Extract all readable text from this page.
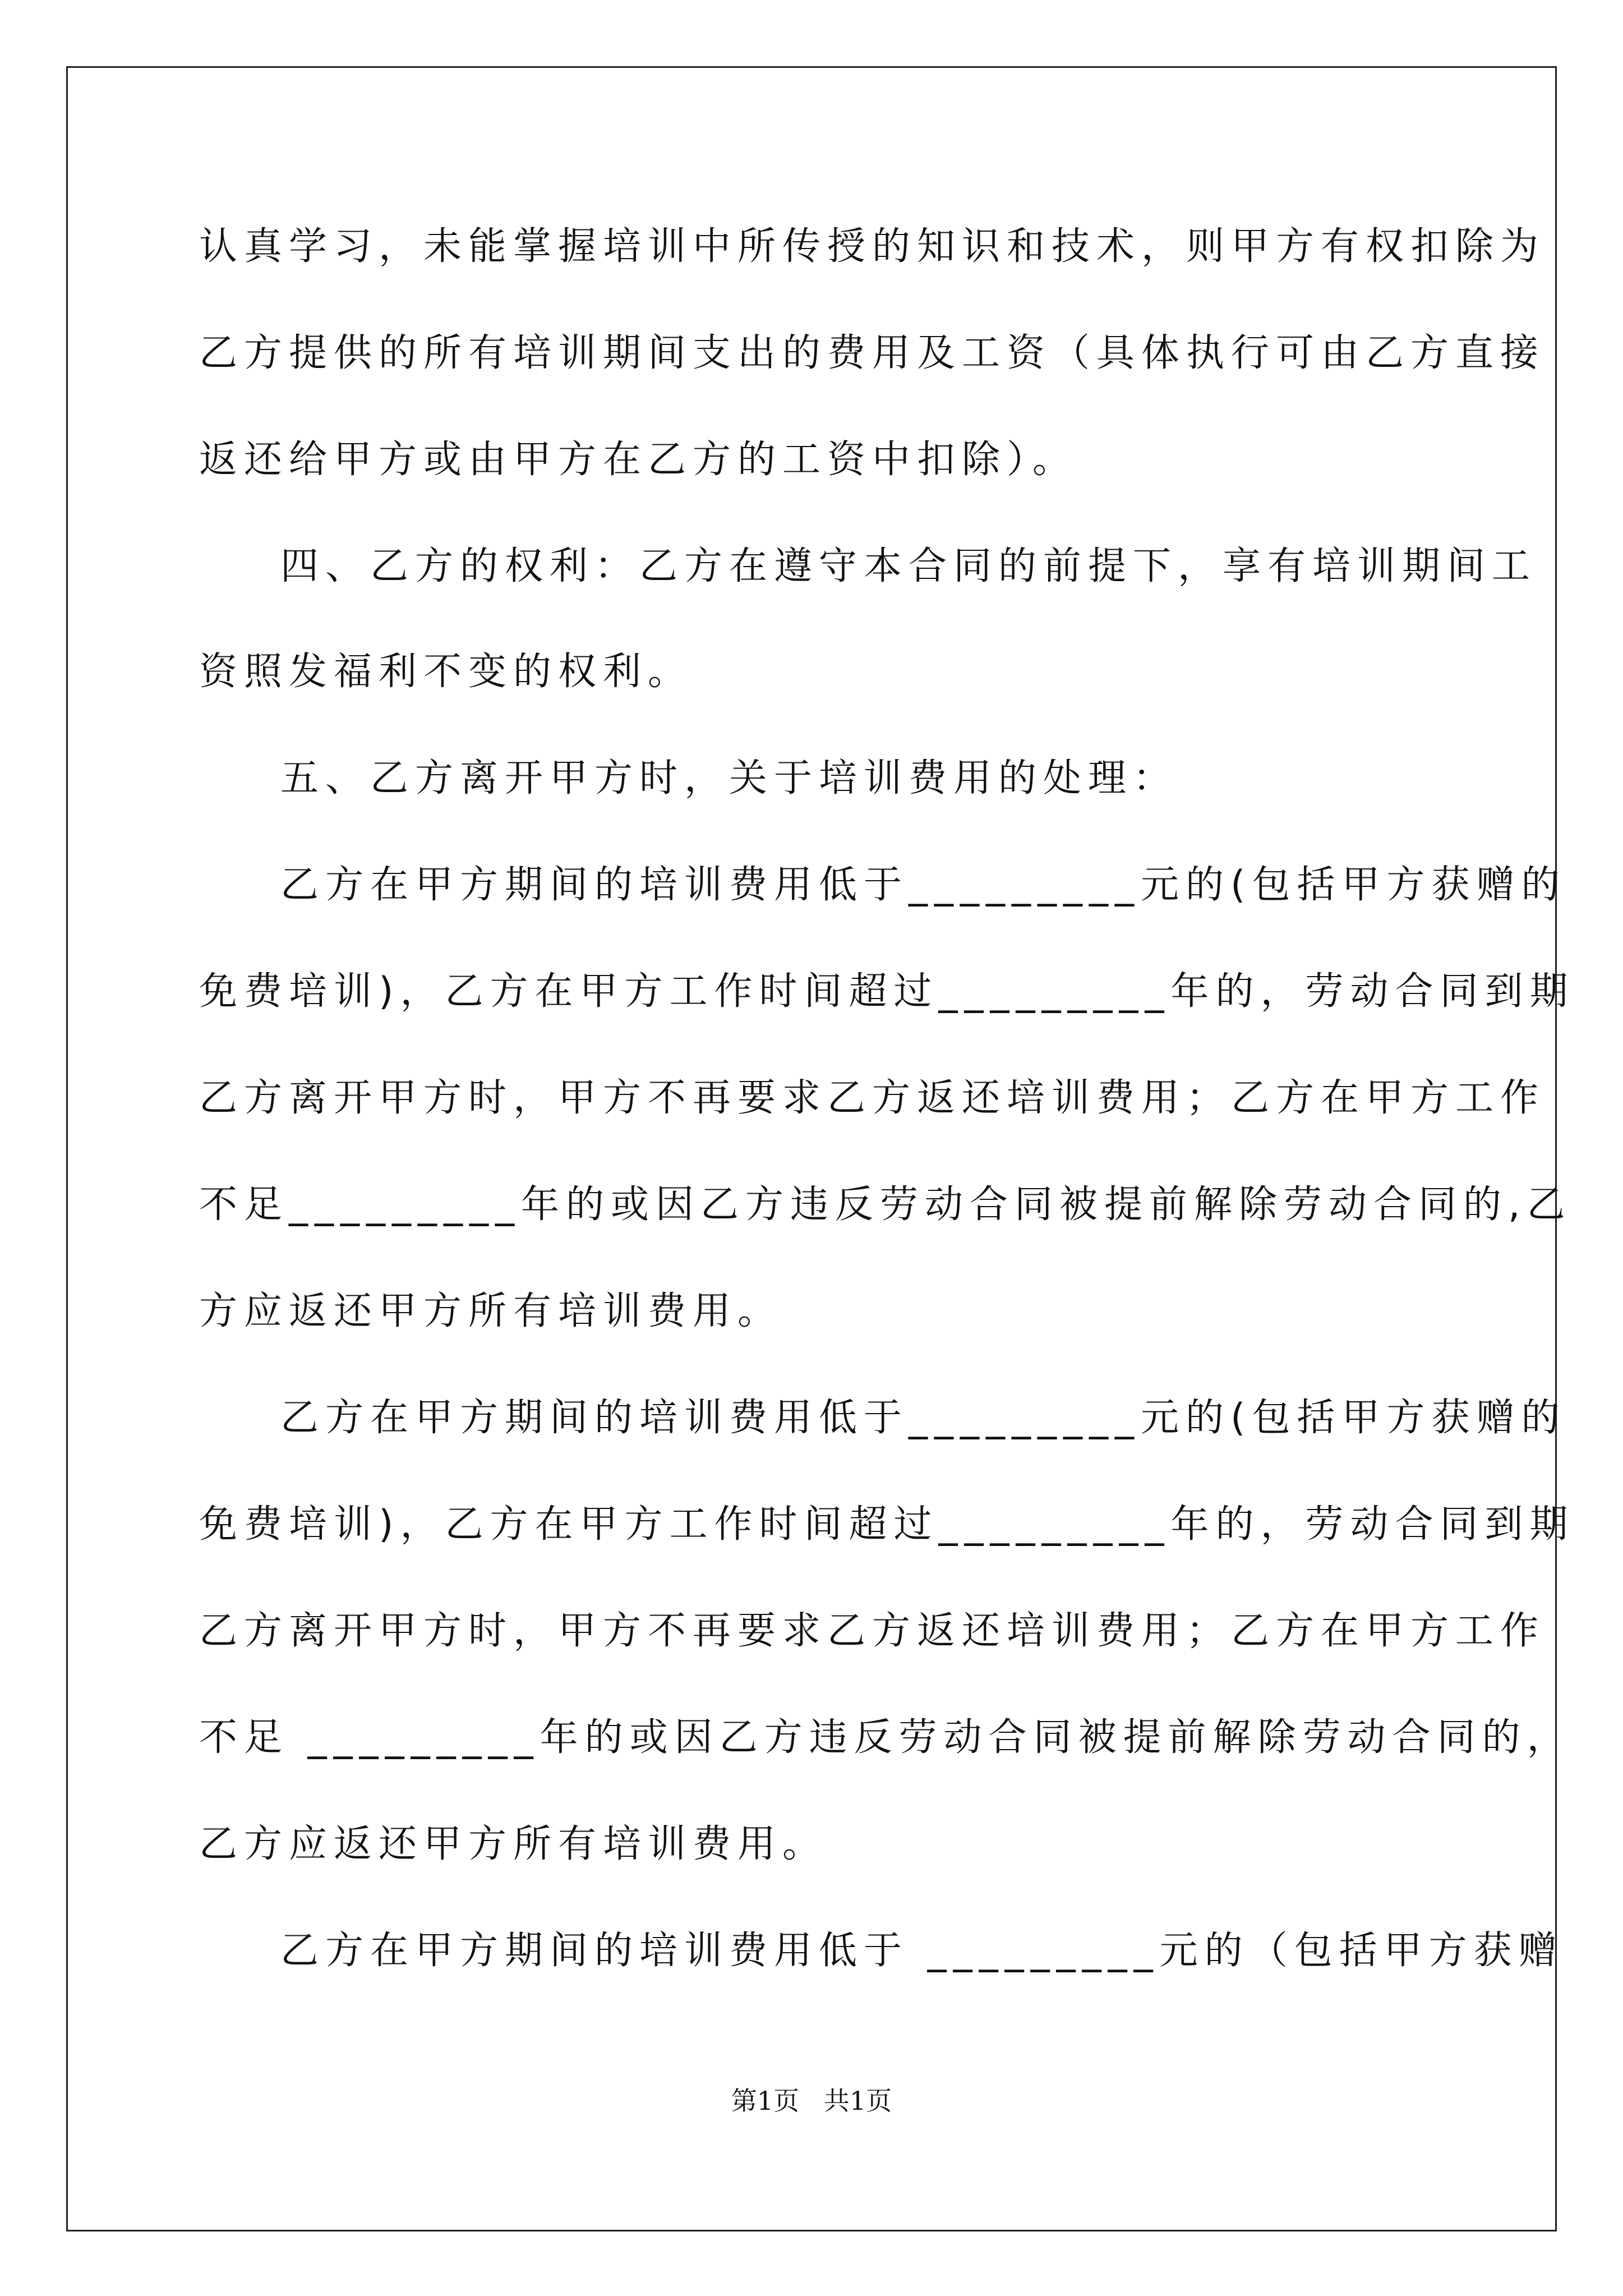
认真学习，未能掌握培训中所传授的知识和技术，则甲方有权扣除为
乙方提供的所有培训期间支出的费用及工资（具体执行可由乙方直接
返还给甲方或由甲方在乙方的工资中扣除）。
四、乙方的权利：乙方在遵守本合同的前提下，享有培训期间工
资照发福利不变的权利。
五、乙方离开甲方时，关于培训费用的处理：
乙方在甲方期间的培训费用低于_________元的(包括甲方获赠的
免费培训)，乙方在甲方工作时间超过_________年的，劳动合同到期
乙方离开甲方时，甲方不再要求乙方返还培训费用；乙方在甲方工作
不足_________年的或因乙方违反劳动合同被提前解除劳动合同的,乙
方应返还甲方所有培训费用。
乙方在甲方期间的培训费用低于_________元的(包括甲方获赠的
免费培训)，乙方在甲方工作时间超过_________年的，劳动合同到期
乙方离开甲方时，甲方不再要求乙方返还培训费用；乙方在甲方工作
不足 _________年的或因乙方违反劳动合同被提前解除劳动合同的，
乙方应返还甲方所有培训费用。
乙方在甲方期间的培训费用低于 _________元的（包括甲方获赠
第1页   共1页
